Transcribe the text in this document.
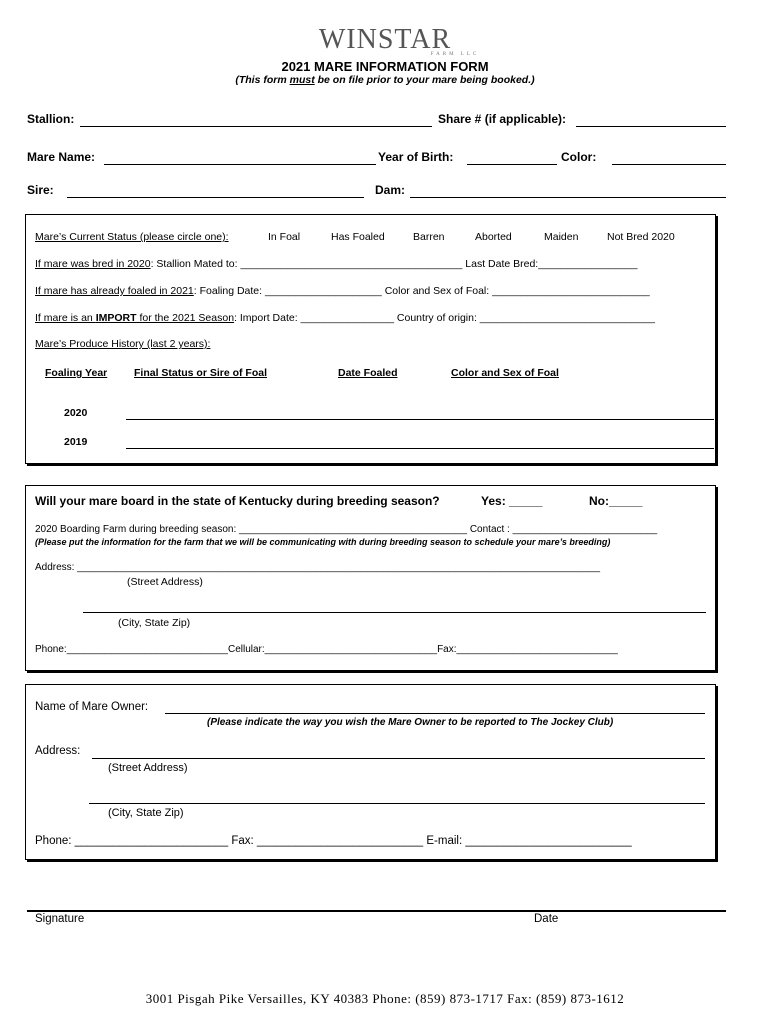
WINSTAR
FARM LLC
2021 MARE INFORMATION FORM
(This form must be on file prior to your mare being booked.)
Stallion:	Share # (if applicable):
Mare Name:	Year of Birth:	Color:
Sire:	Dam:
Mare’s Current Status (please circle one):	In Foal	Has Foaled	Barren	Aborted	Maiden	Not Bred 2020
If mare was bred in 2020: Stallion Mated to: ______________________________________ Last Date Bred:_________________
If mare has already foaled in 2021: Foaling Date: ____________________ Color and Sex of Foal: ___________________________
If mare is an IMPORT for the 2021 Season: Import Date: ________________ Country of origin: ______________________________
Mare’s Produce History (last 2 years):
Foaling Year	Final Status or Sire of Foal	Date Foaled	Color and Sex of Foal
2020
2019
Will your mare board in the state of Kentucky during breeding season?	Yes: _____	No:_____
2020 Boarding Farm during breeding season: _________________________________________ Contact : __________________________
(Please put the information for the farm that we will be communicating with during breeding season to schedule your mare’s breeding)
Address: ______________________________________________________________________________________________
(Street Address)
(City, State Zip)
Phone:_____________________________Cellular:_______________________________Fax:_____________________________
Name of Mare Owner:
(Please indicate the way you wish the Mare Owner to be reported to The Jockey Club)
Address:
(Street Address)
(City, State Zip)
Phone: ________________________ Fax: __________________________ E-mail: __________________________
Signature	Date
3001 Pisgah Pike Versailles, KY 40383 Phone: (859) 873-1717 Fax: (859) 873-1612
